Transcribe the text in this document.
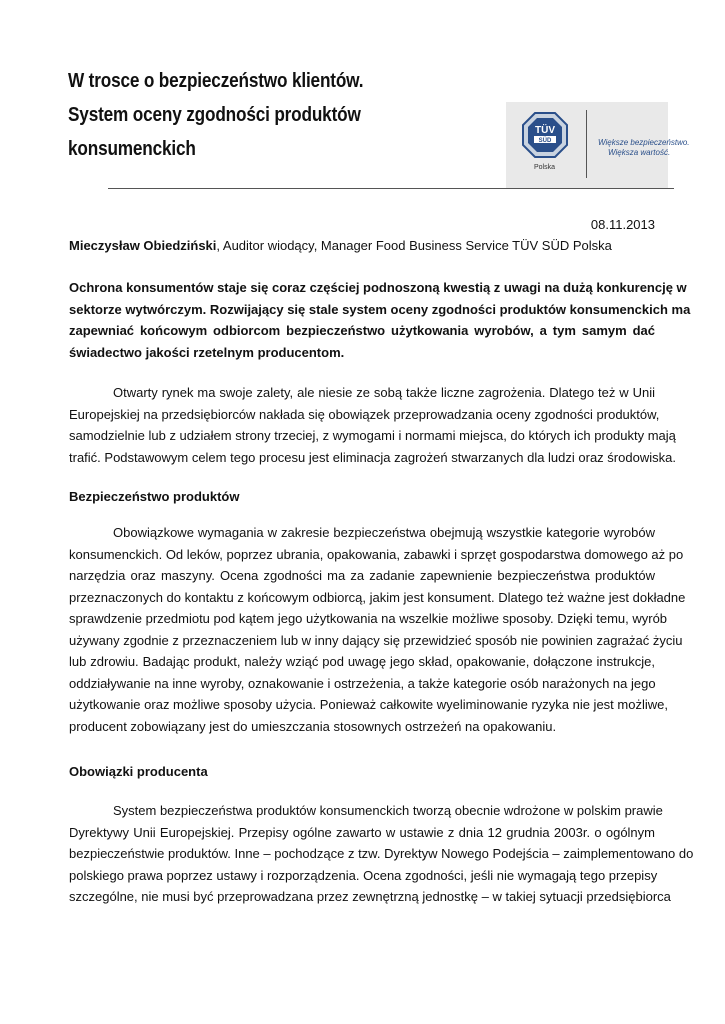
W trosce o bezpieczeństwo klientów.
System oceny zgodności produktów
konsumenckich
TÜV
SÜD
Polska
Większe bezpieczeństwo.
Większa wartość.
08.11.2013
Mieczysław Obiedziński, Auditor wiodący, Manager Food Business Service TÜV SÜD Polska
Ochrona konsumentów staje się coraz częściej podnoszoną kwestią z uwagi na dużą konkurencję w
sektorze wytwórczym. Rozwijający się stale system oceny zgodności produktów konsumenckich ma
zapewniać końcowym odbiorcom bezpieczeństwo użytkowania wyrobów, a tym samym dać
świadectwo jakości rzetelnym producentom.
Otwarty rynek ma swoje zalety, ale niesie ze sobą także liczne zagrożenia. Dlatego też w Unii
Europejskiej na przedsiębiorców nakłada się obowiązek przeprowadzania oceny zgodności produktów,
samodzielnie lub z udziałem strony trzeciej, z wymogami i normami miejsca, do których ich produkty mają
trafić. Podstawowym celem tego procesu jest eliminacja zagrożeń stwarzanych dla ludzi oraz środowiska.
Bezpieczeństwo produktów
Obowiązkowe wymagania w zakresie bezpieczeństwa obejmują wszystkie kategorie wyrobów
konsumenckich. Od leków, poprzez ubrania, opakowania, zabawki i sprzęt gospodarstwa domowego aż po
narzędzia oraz maszyny. Ocena zgodności ma za zadanie zapewnienie bezpieczeństwa produktów
przeznaczonych do kontaktu z końcowym odbiorcą, jakim jest konsument. Dlatego też ważne jest dokładne
sprawdzenie przedmiotu pod kątem jego użytkowania na wszelkie możliwe sposoby. Dzięki temu, wyrób
używany zgodnie z przeznaczeniem lub w inny dający się przewidzieć sposób nie powinien zagrażać życiu
lub zdrowiu. Badając produkt, należy wziąć pod uwagę jego skład, opakowanie, dołączone instrukcje,
oddziaływanie na inne wyroby, oznakowanie i ostrzeżenia, a także kategorie osób narażonych na jego
użytkowanie oraz możliwe sposoby użycia. Ponieważ całkowite wyeliminowanie ryzyka nie jest możliwe,
producent zobowiązany jest do umieszczania stosownych ostrzeżeń na opakowaniu.
Obowiązki producenta
System bezpieczeństwa produktów konsumenckich tworzą obecnie wdrożone w polskim prawie
Dyrektywy Unii Europejskiej. Przepisy ogólne zawarto w ustawie z dnia 12 grudnia 2003r. o ogólnym
bezpieczeństwie produktów. Inne – pochodzące z tzw. Dyrektyw Nowego Podejścia – zaimplementowano do
polskiego prawa poprzez ustawy i rozporządzenia. Ocena zgodności, jeśli nie wymagają tego przepisy
szczególne, nie musi być przeprowadzana przez zewnętrzną jednostkę – w takiej sytuacji przedsiębiorca
